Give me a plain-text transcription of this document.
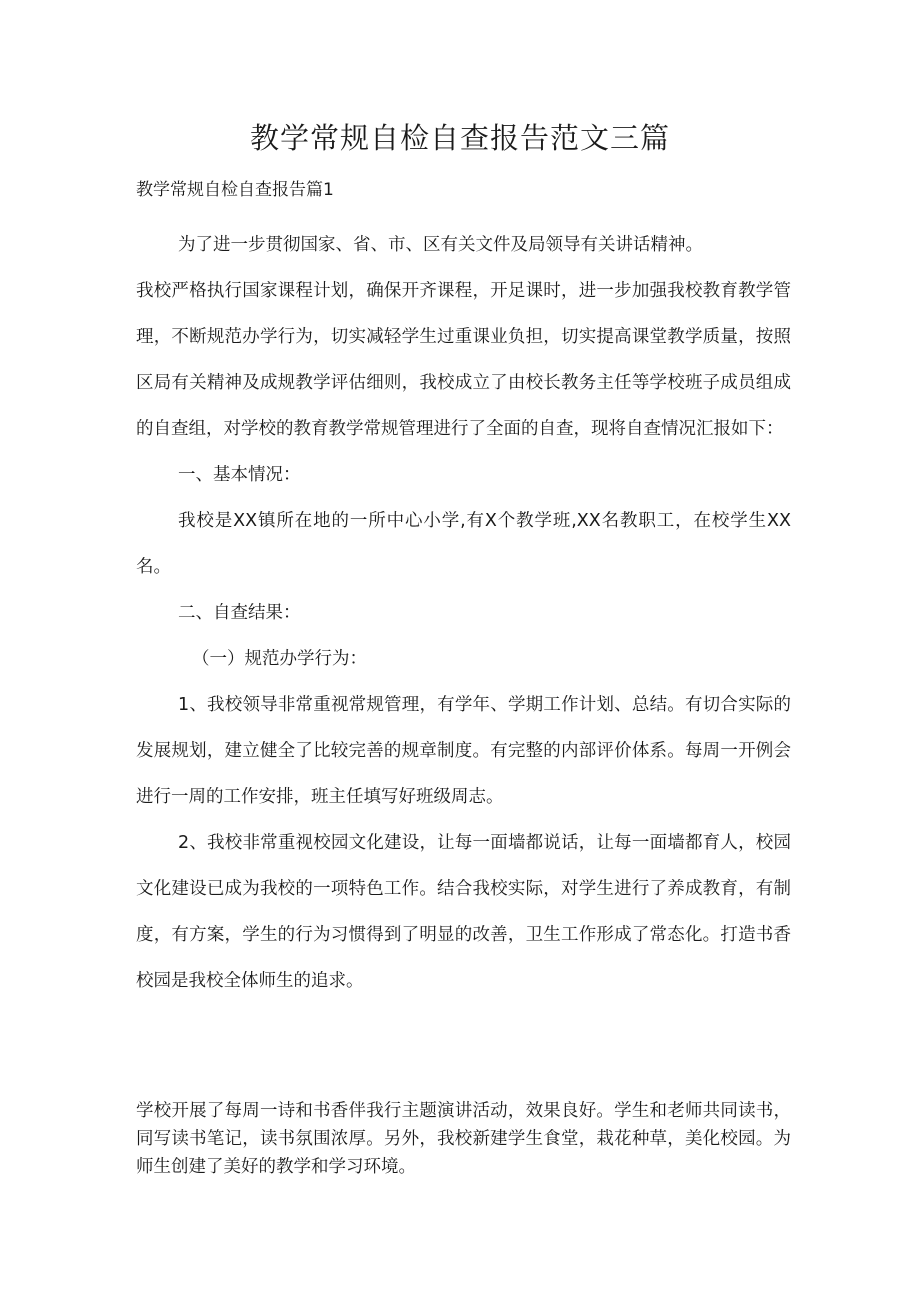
教学常规自检自查报告范文三篇

教学常规自检自查报告篇1

为了进一步贯彻国家、省、市、区有关文件及局领导有关讲话精神。

我校严格执行国家课程计划，确保开齐课程，开足课时，进一步加强我校教育教学管理，不断规范办学行为，切实减轻学生过重课业负担，切实提高课堂教学质量，按照区局有关精神及成规教学评估细则，我校成立了由校长教务主任等学校班子成员组成的自查组，对学校的教育教学常规管理进行了全面的自查，现将自查情况汇报如下：

一、基本情况：

我校是XX镇所在地的一所中心小学,有X个教学班,XX名教职工，在校学生XX名。

二、自查结果：

（一）规范办学行为：

1、我校领导非常重视常规管理，有学年、学期工作计划、总结。有切合实际的发展规划，建立健全了比较完善的规章制度。有完整的内部评价体系。每周一开例会进行一周的工作安排，班主任填写好班级周志。

2、我校非常重视校园文化建设，让每一面墙都说话，让每一面墙都育人，校园文化建设已成为我校的一项特色工作。结合我校实际，对学生进行了养成教育，有制度，有方案，学生的行为习惯得到了明显的改善，卫生工作形成了常态化。打造书香校园是我校全体师生的追求。

学校开展了每周一诗和书香伴我行主题演讲活动，效果良好。学生和老师共同读书，同写读书笔记，读书氛围浓厚。另外，我校新建学生食堂，栽花种草，美化校园。为师生创建了美好的教学和学习环境。
